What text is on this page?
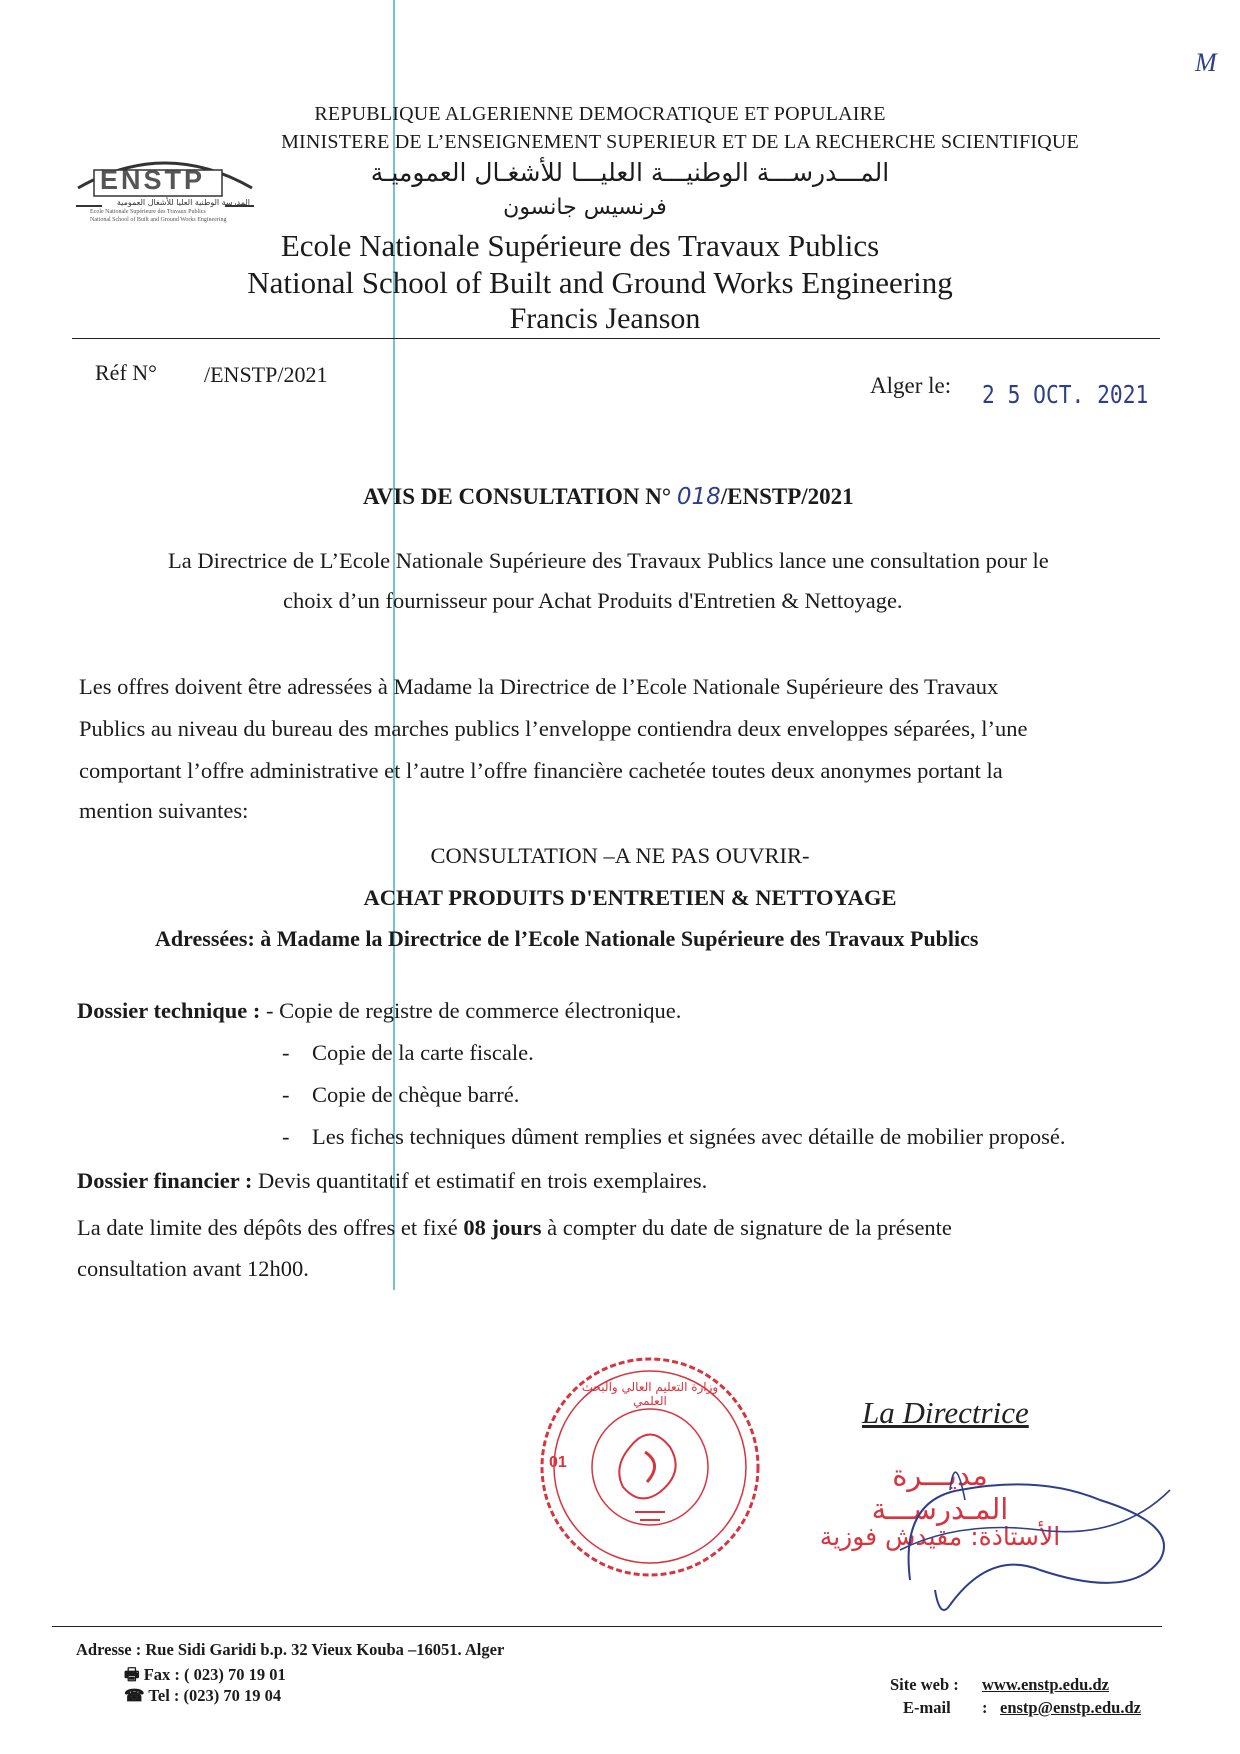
M
REPUBLIQUE ALGERIENNE DEMOCRATIQUE ET POPULAIRE
MINISTERE DE L’ENSEIGNEMENT SUPERIEUR ET DE LA RECHERCHE SCIENTIFIQUE
المـــدرســـة الوطنيـــة العليـــا للأشغـال العموميـة
فرنسيس جانسون
ENSTP
المدرسة الوطنية العليا للأشغال العمومية
Ecole Nationale Supérieure des Travaux Publics
National School of Built and Ground Works Engineering
Ecole Nationale Supérieure des Travaux Publics
National School of Built and Ground Works Engineering
Francis Jeanson
Réf N° /ENSTP/2021	Alger le: 2 5 OCT. 2021
AVIS DE CONSULTATION N° 018/ENSTP/2021
La Directrice de L’Ecole Nationale Supérieure des Travaux Publics lance une consultation pour le
choix d’un fournisseur pour Achat Produits d'Entretien & Nettoyage.
Les offres doivent être adressées à Madame la Directrice de l’Ecole Nationale Supérieure des Travaux
Publics au niveau du bureau des marches publics l’enveloppe contiendra deux enveloppes séparées, l’une
comportant l’offre administrative et l’autre l’offre financière cachetée toutes deux anonymes portant la
mention suivantes:
CONSULTATION –A NE PAS OUVRIR-
ACHAT PRODUITS D'ENTRETIEN & NETTOYAGE
Adressées: à Madame la Directrice de l’Ecole Nationale Supérieure des Travaux Publics
Dossier technique : - Copie de registre de commerce électronique.
- Copie de la carte fiscale.
- Copie de chèque barré.
- Les fiches techniques dûment remplies et signées avec détaille de mobilier proposé.
Dossier financier : Devis quantitatif et estimatif en trois exemplaires.
La date limite des dépôts des offres et fixé 08 jours à compter du date de signature de la présente
consultation avant 12h00.
وزارة التعليم العالي والبحث العلمي
01
La Directrice
مديـــرة المـدرســـة
الأستاذة: مقيدش فوزية
Adresse : Rue Sidi Garidi b.p. 32 Vieux Kouba –16051. Alger
🖶 Fax : ( 023) 70 19 01
☎ Tel : (023) 70 19 04
Site web : www.enstp.edu.dz
E-mail : enstp@enstp.edu.dz
